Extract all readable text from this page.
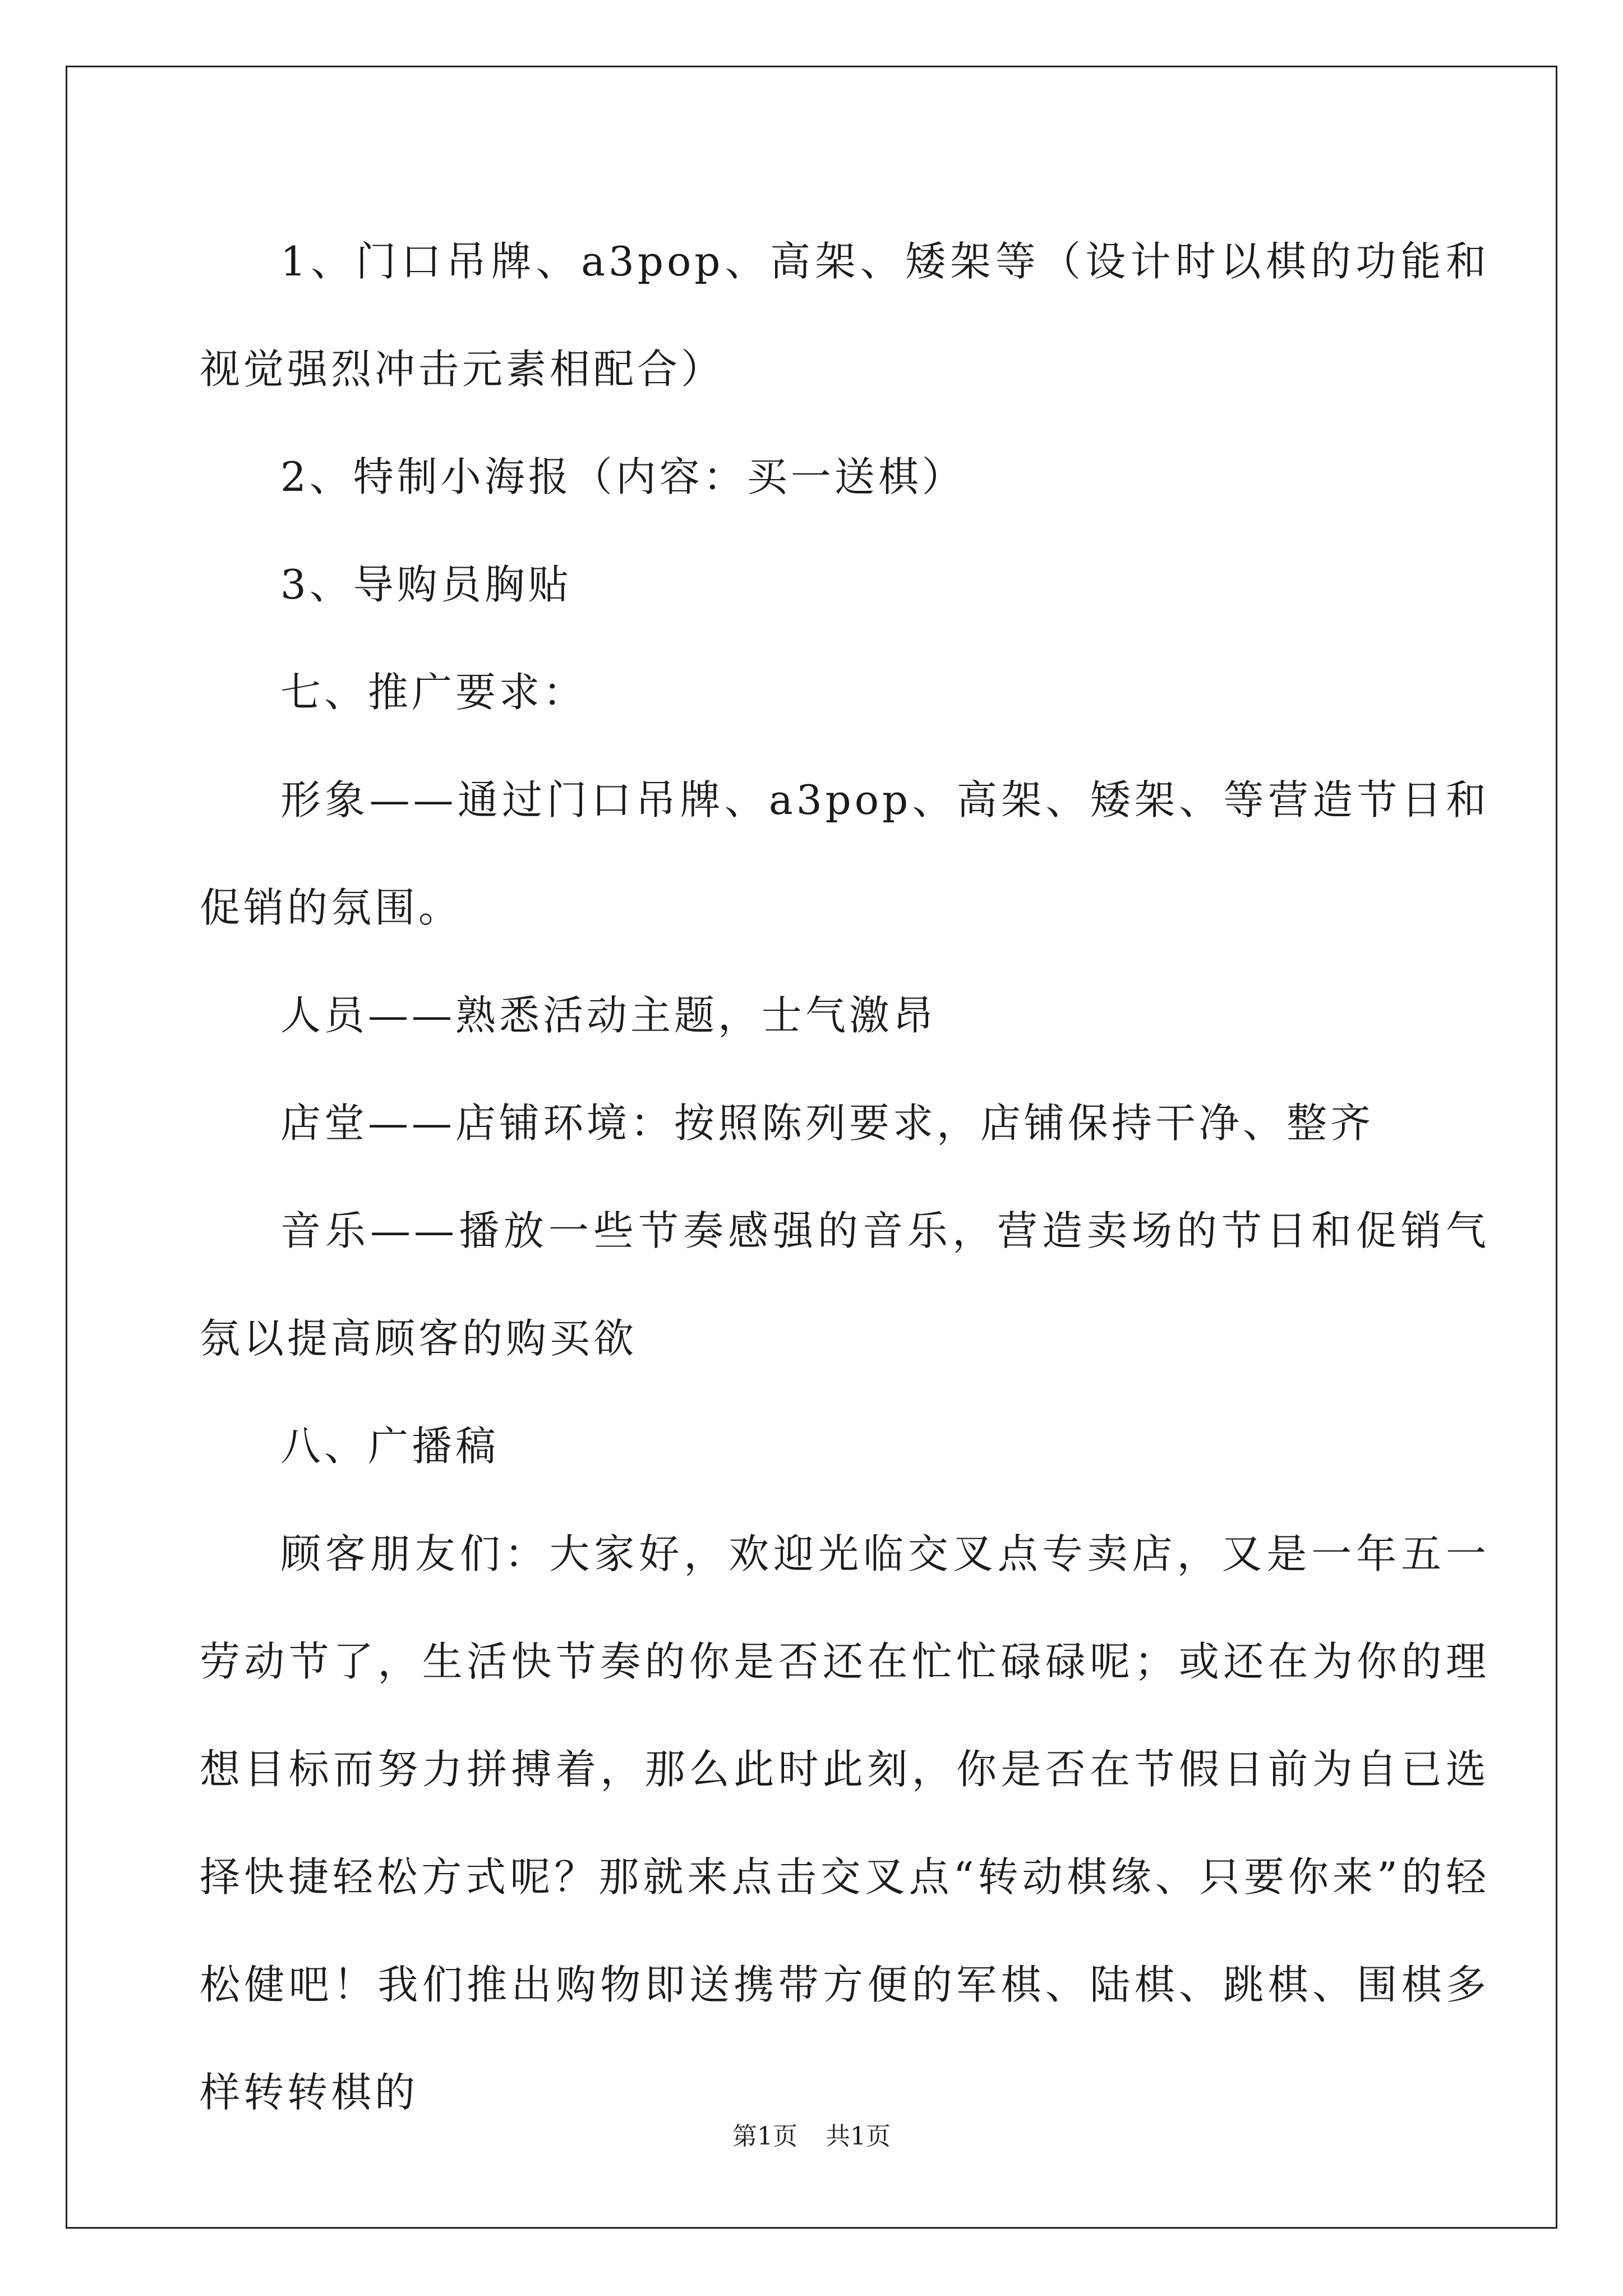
1、门口吊牌、a3pop、高架、矮架等（设计时以棋的功能和视觉强烈冲击元素相配合）

2、特制小海报（内容：买一送棋）

3、导购员胸贴

七、推广要求：

形象——通过门口吊牌、a3pop、高架、矮架、等营造节日和促销的氛围。

人员——熟悉活动主题，士气激昂

店堂——店铺环境：按照陈列要求，店铺保持干净、整齐

音乐——播放一些节奏感强的音乐，营造卖场的节日和促销气氛以提高顾客的购买欲

八、广播稿

顾客朋友们：大家好，欢迎光临交叉点专卖店，又是一年五一劳动节了，生活快节奏的你是否还在忙忙碌碌呢；或还在为你的理想目标而努力拼搏着，那么此时此刻，你是否在节假日前为自已选择快捷轻松方式呢？那就来点击交叉点“转动棋缘、只要你来”的轻松健吧！我们推出购物即送携带方便的军棋、陆棋、跳棋、围棋多样转转棋的

第1页 共1页
